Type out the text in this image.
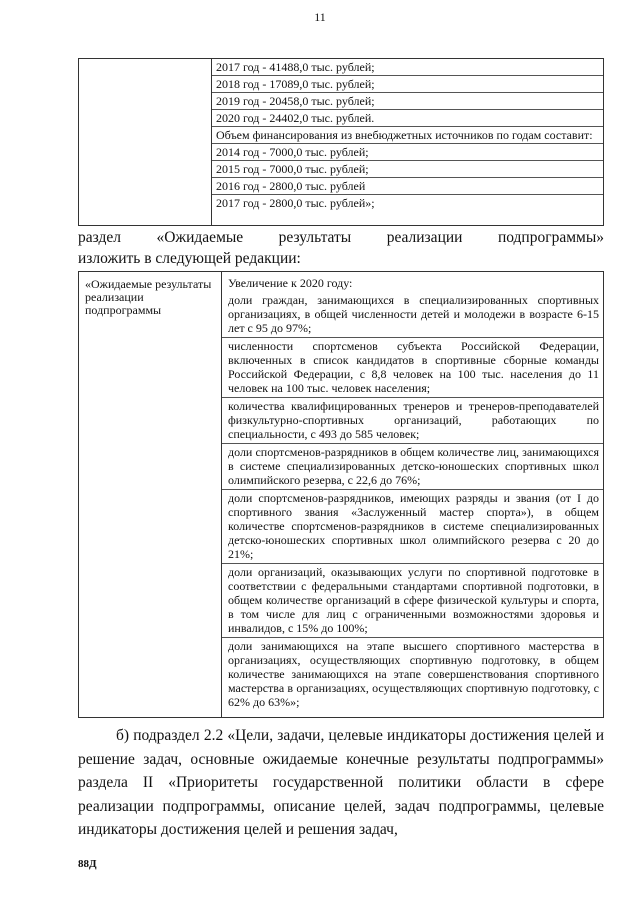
11
2017 год - 41488,0 тыс. рублей;
2018 год - 17089,0 тыс. рублей;
2019 год - 20458,0 тыс. рублей;
2020 год - 24402,0 тыс. рублей.
Объем финансирования из внебюджетных источников по годам составит:
2014 год - 7000,0 тыс. рублей;
2015 год - 7000,0 тыс. рублей;
2016 год - 2800,0 тыс. рублей
2017 год - 2800,0 тыс. рублей»;
раздел «Ожидаемые результаты реализации подпрограммы»
изложить в следующей редакции:
«Ожидаемые результаты реализации подпрограммы
Увеличение к 2020 году:
доли граждан, занимающихся в специализированных спортивных организациях, в общей численности детей и молодежи в возрасте 6-15 лет с 95 до 97%;
численности спортсменов субъекта Российской Федерации, включенных в список кандидатов в спортивные сборные команды Российской Федерации, с 8,8 человек на 100 тыс. населения до 11 человек на 100 тыс. человек населения;
количества квалифицированных тренеров и тренеров-преподавателей физкультурно-спортивных организаций, работающих по специальности, с 493 до 585 человек;
доли спортсменов-разрядников в общем количестве лиц, занимающихся в системе специализированных детско-юношеских спортивных школ олимпийского резерва, с 22,6 до 76%;
доли спортсменов-разрядников, имеющих разряды и звания (от I до спортивного звания «Заслуженный мастер спорта»), в общем количестве спортсменов-разрядников в системе специализированных детско-юношеских спортивных школ олимпийского резерва с 20 до 21%;
доли организаций, оказывающих услуги по спортивной подготовке в соответствии с федеральными стандартами спортивной подготовки, в общем количестве организаций в сфере физической культуры и спорта, в том числе для лиц с ограниченными возможностями здоровья и инвалидов, с 15% до 100%;
доли занимающихся на этапе высшего спортивного мастерства в организациях, осуществляющих спортивную подготовку, в общем количестве занимающихся на этапе совершенствования спортивного мастерства в организациях, осуществляющих спортивную подготовку, с 62% до 63%»;
б) подраздел 2.2 «Цели, задачи, целевые индикаторы достижения целей и решение задач, основные ожидаемые конечные результаты подпрограммы» раздела II «Приоритеты государственной политики области в сфере реализации подпрограммы, описание целей, задач подпрограммы, целевые индикаторы достижения целей и решения задач,
88Д
